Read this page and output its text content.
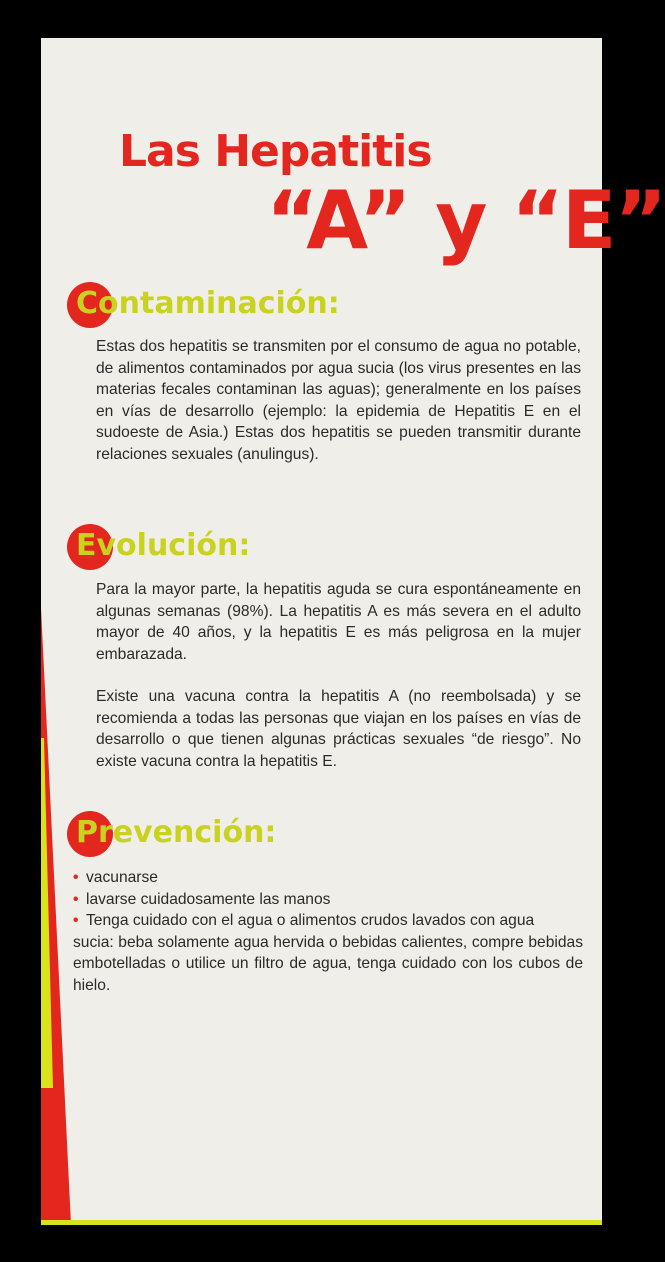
Las Hepatitis
“A” y “E”
Contaminación:

Estas dos hepatitis se transmiten por el consumo de agua no potable, de alimentos contaminados por agua sucia (los virus presentes en las materias fecales contaminan las aguas); generalmente en los países en vías de desarrollo (ejemplo: la epidemia de Hepatitis E en el sudoeste de Asia.) Estas dos hepatitis se pueden transmitir durante relaciones sexuales (anulingus).

Evolución:

Para la mayor parte, la hepatitis aguda se cura espontáneamente en algunas semanas (98%). La hepatitis A es más severa en el adulto mayor de 40 años, y la hepatitis E es más peligrosa en la mujer embarazada.

Existe una vacuna contra la hepatitis A (no reembolsada) y se recomienda a todas las personas que viajan en los países en vías de desarrollo o que tienen algunas prácticas sexuales “de riesgo”. No existe vacuna contra la hepatitis E.

Prevención:
• vacunarse
• lavarse cuidadosamente las manos
• Tenga cuidado con el agua o alimentos crudos lavados con agua
sucia: beba solamente agua hervida o bebidas calientes, compre bebidas embotelladas o utilice un filtro de agua, tenga cuidado con los cubos de hielo.
